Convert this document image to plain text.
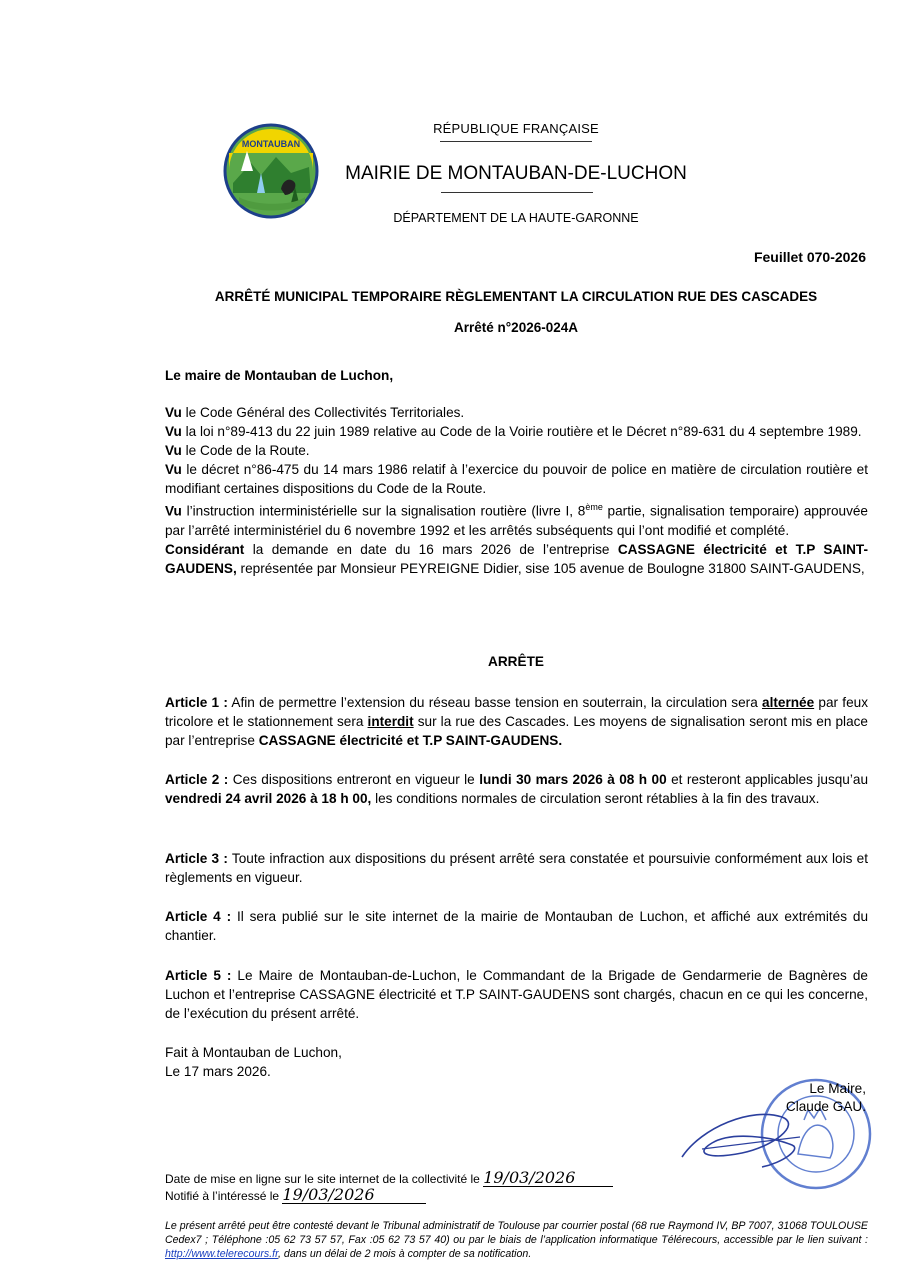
MONTAUBAN
RÉPUBLIQUE FRANÇAISE
MAIRIE DE MONTAUBAN-DE-LUCHON
DÉPARTEMENT DE LA HAUTE-GARONNE
Feuillet 070-2026
ARRÊTÉ MUNICIPAL TEMPORAIRE RÈGLEMENTANT LA CIRCULATION RUE DES CASCADES
Arrêté n°2026-024A
Le maire de Montauban de Luchon,

Vu le Code Général des Collectivités Territoriales.

Vu la loi n°89-413 du 22 juin 1989 relative au Code de la Voirie routière et le Décret n°89-631 du 4 septembre 1989.

Vu le Code de la Route.

Vu le décret n°86-475 du 14 mars 1986 relatif à l’exercice du pouvoir de police en matière de circulation routière et modifiant certaines dispositions du Code de la Route.

Vu l’instruction interministérielle sur la signalisation routière (livre I, 8ème partie, signalisation temporaire) approuvée par l’arrêté interministériel du 6 novembre 1992 et les arrêtés subséquents qui l’ont modifié et complété.

Considérant la demande en date du 16 mars 2026 de l’entreprise CASSAGNE électricité et T.P SAINT-GAUDENS, représentée par Monsieur PEYREIGNE Didier, sise 105 avenue de Boulogne 31800 SAINT-GAUDENS,

ARRÊTE

Article 1 : Afin de permettre l’extension du réseau basse tension en souterrain, la circulation sera alternée par feux tricolore et le stationnement sera interdit sur la rue des Cascades. Les moyens de signalisation seront mis en place par l’entreprise CASSAGNE électricité et T.P SAINT-GAUDENS.

Article 2 : Ces dispositions entreront en vigueur le lundi 30 mars 2026 à 08 h 00 et resteront applicables jusqu’au vendredi 24 avril 2026 à 18 h 00, les conditions normales de circulation seront rétablies à la fin des travaux.

Article 3 : Toute infraction aux dispositions du présent arrêté sera constatée et poursuivie conformément aux lois et règlements en vigueur.

Article 4 : Il sera publié sur le site internet de la mairie de Montauban de Luchon, et affiché aux extrémités du chantier.

Article 5 : Le Maire de Montauban-de-Luchon, le Commandant de la Brigade de Gendarmerie de Bagnères de Luchon et l’entreprise CASSAGNE électricité et T.P SAINT-GAUDENS sont chargés, chacun en ce qui les concerne, de l’exécution du présent arrêté.

Fait à Montauban de Luchon,
Le 17 mars 2026.
Le Maire,
Claude GAU.
Date de mise en ligne sur le site internet de la collectivité le 19/03/2026
Notifié à l’intéressé le 19/03/2026
Le présent arrêté peut être contesté devant le Tribunal administratif de Toulouse par courrier postal (68 rue Raymond IV, BP 7007, 31068 TOULOUSE Cedex7 ; Téléphone :05 62 73 57 57, Fax :05 62 73 57 40) ou par le biais de l’application informatique Télérecours, accessible par le lien suivant : http://www.telerecours.fr, dans un délai de 2 mois à compter de sa notification.
